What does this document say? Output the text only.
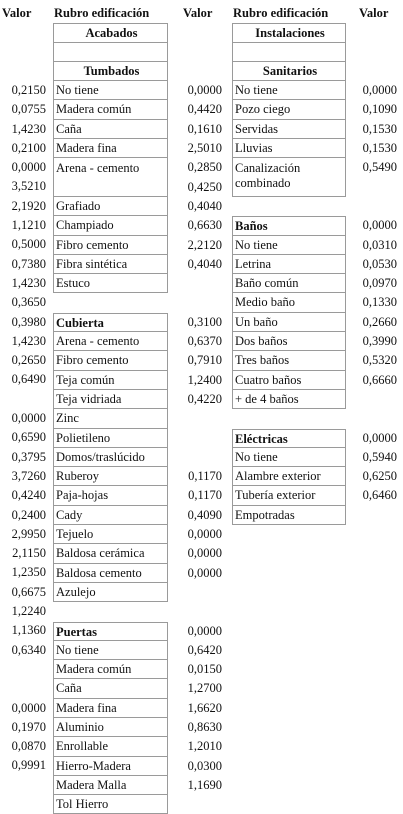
Valor Rubro edificación	Valor Rubro edificación Valor
0,2150
0,0755
1,4230
0,2100
0,0000
3,5210
2,1920
1,1210
0,5000
0,7380
1,4230
0,3650
0,3980
1,4230
0,2650
0,6490
0,0000
0,6590
0,3795
3,7260
0,4240
0,2400
2,9950
2,1150
1,2350
0,6675
1,2240
1,1360
0,6340
0,0000
0,1970
0,0870
0,9991
Acabados
Tumbados
No tiene
Madera común
Caña
Madera fina
Arena - cemento
Grafiado
Champiado
Fibro cemento
Fibra sintética
Estuco
Cubierta
Arena - cemento
Fibro cemento
Teja común
Teja vidriada
Zinc
Polietileno
Domos/traslúcido
Ruberoy
Paja-hojas
Cady
Tejuelo
Baldosa cerámica
Baldosa cemento
Azulejo
Puertas
No tiene
Madera común
Caña
Madera fina
Aluminio
Enrollable
Hierro-Madera
Madera Malla
Tol Hierro
0,0000
0,4420
0,1610
2,5010
0,2850
0,4250
0,4040
0,6630
2,2120
0,4040
0,3100
0,6370
0,7910
1,2400
0,4220
0,1170
0,1170
0,4090
0,0000
0,0000
0,0000
0,0000
0,6420
0,0150
1,2700
1,6620
0,8630
1,2010
0,0300
1,1690
Instalaciones
Sanitarios
No tiene
Pozo ciego
Servidas
Lluvias
Canalización combinado
Baños
No tiene
Letrina
Baño común
Medio baño
Un baño
Dos baños
Tres baños
Cuatro baños
+ de 4 baños
Eléctricas
No tiene
Alambre exterior
Tubería exterior
Empotradas
0,0000
0,1090
0,1530
0,1530
0,5490
0,0000
0,0310
0,0530
0,0970
0,1330
0,2660
0,3990
0,5320
0,6660
0,0000
0,5940
0,6250
0,6460
